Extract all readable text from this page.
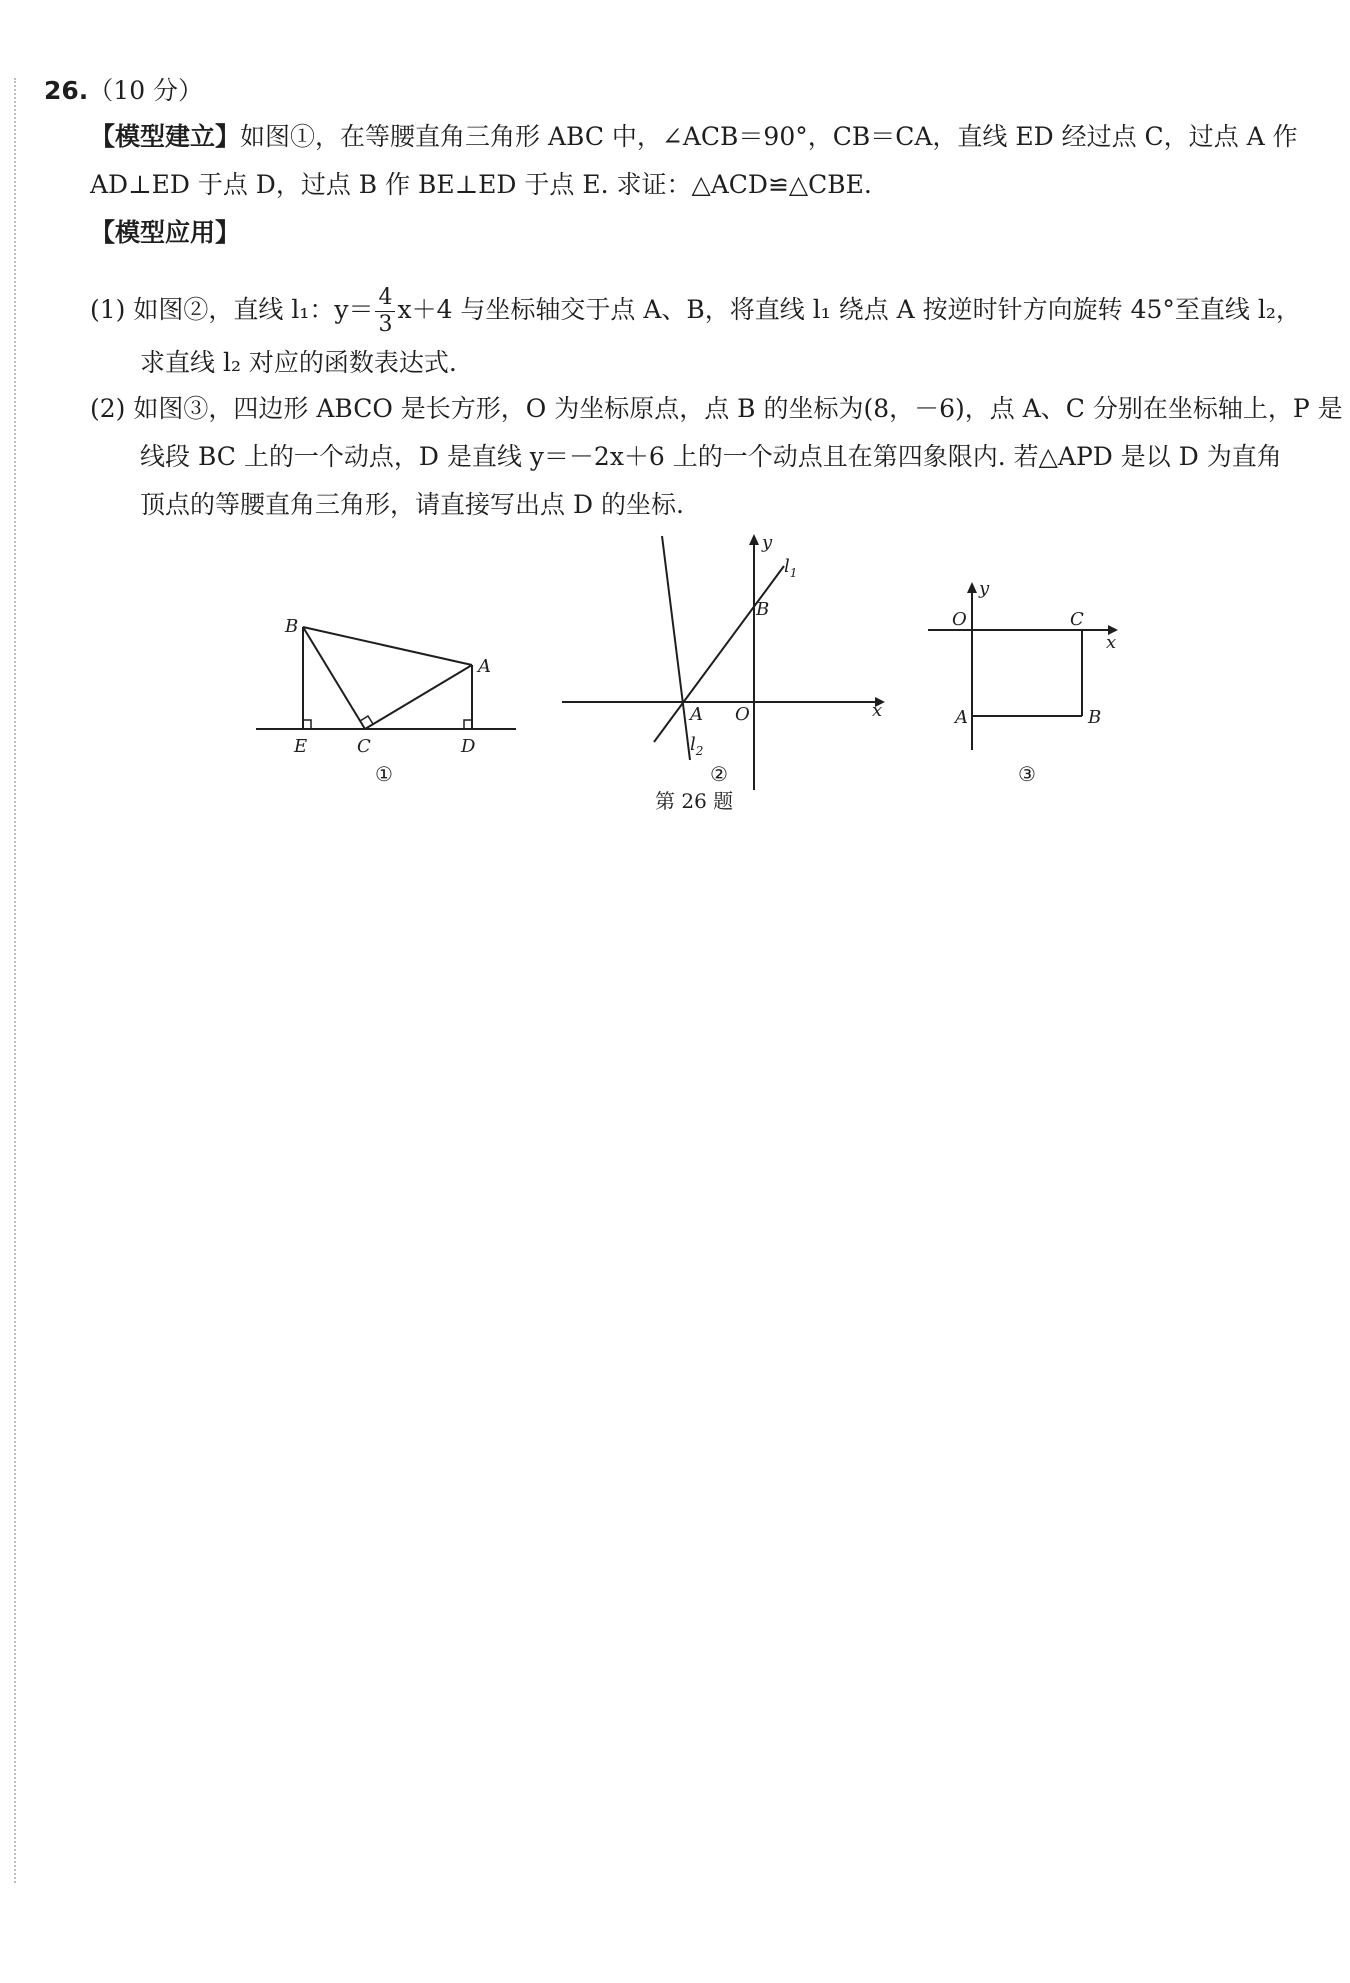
26.（10 分）
【模型建立】如图①，在等腰直角三角形 ABC 中，∠ACB＝90°，CB＝CA，直线 ED 经过点 C，过点 A 作
AD⊥ED 于点 D，过点 B 作 BE⊥ED 于点 E. 求证：△ACD≌△CBE.
【模型应用】
(1) 如图②，直线 l₁：$y= \frac{4}{3} x+4$ 与坐标轴交于点 A、B，将直线 l₁ 绕点 A 按逆时针方向旋转 45°至直线 l₂，
求直线 l₂ 对应的函数表达式.
(2) 如图③，四边形 ABCO 是长方形，O 为坐标原点，点 B 的坐标为(8，－6)，点 A、C 分别在坐标轴上，P 是
线段 BC 上的一个动点，D 是直线 y＝－2x＋6 上的一个动点且在第四象限内. 若△APD 是以 D 为直角
顶点的等腰直角三角形，请直接写出点 D 的坐标.
B
A
E	C	D
①
y
x
$l_1$
B
A O
$l_2$
②
y
x
O	C
A	B
③
第 26 题
